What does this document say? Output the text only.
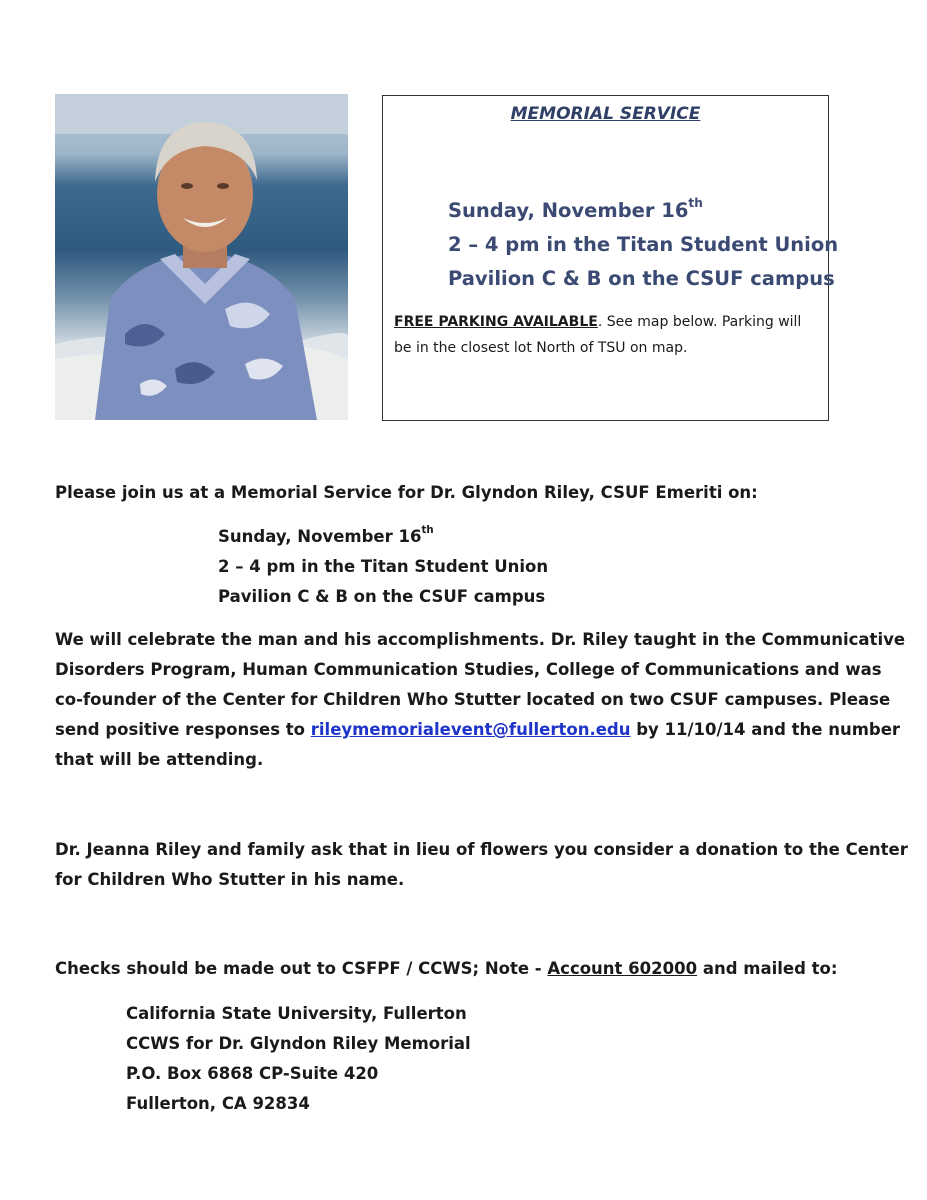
MEMORIAL SERVICE
Sunday, November 16th
2 – 4 pm in the Titan Student Union
Pavilion C & B on the CSUF campus
FREE PARKING AVAILABLE. See map below. Parking will
be in the closest lot North of TSU on map.
Please join us at a Memorial Service for Dr. Glyndon Riley, CSUF Emeriti on:
Sunday, November 16th
2 – 4 pm in the Titan Student Union
Pavilion C & B on the CSUF campus
We will celebrate the man and his accomplishments. Dr. Riley taught in the Communicative
Disorders Program, Human Communication Studies, College of Communications and was
co-founder of the Center for Children Who Stutter located on two CSUF campuses. Please
send positive responses to rileymemorialevent@fullerton.edu by 11/10/14 and the number
that will be attending.
Dr. Jeanna Riley and family ask that in lieu of flowers you consider a donation to the Center
for Children Who Stutter in his name.
Checks should be made out to CSFPF / CCWS; Note - Account 602000 and mailed to:
California State University, Fullerton
CCWS for Dr. Glyndon Riley Memorial
P.O. Box 6868 CP-Suite 420
Fullerton, CA 92834
